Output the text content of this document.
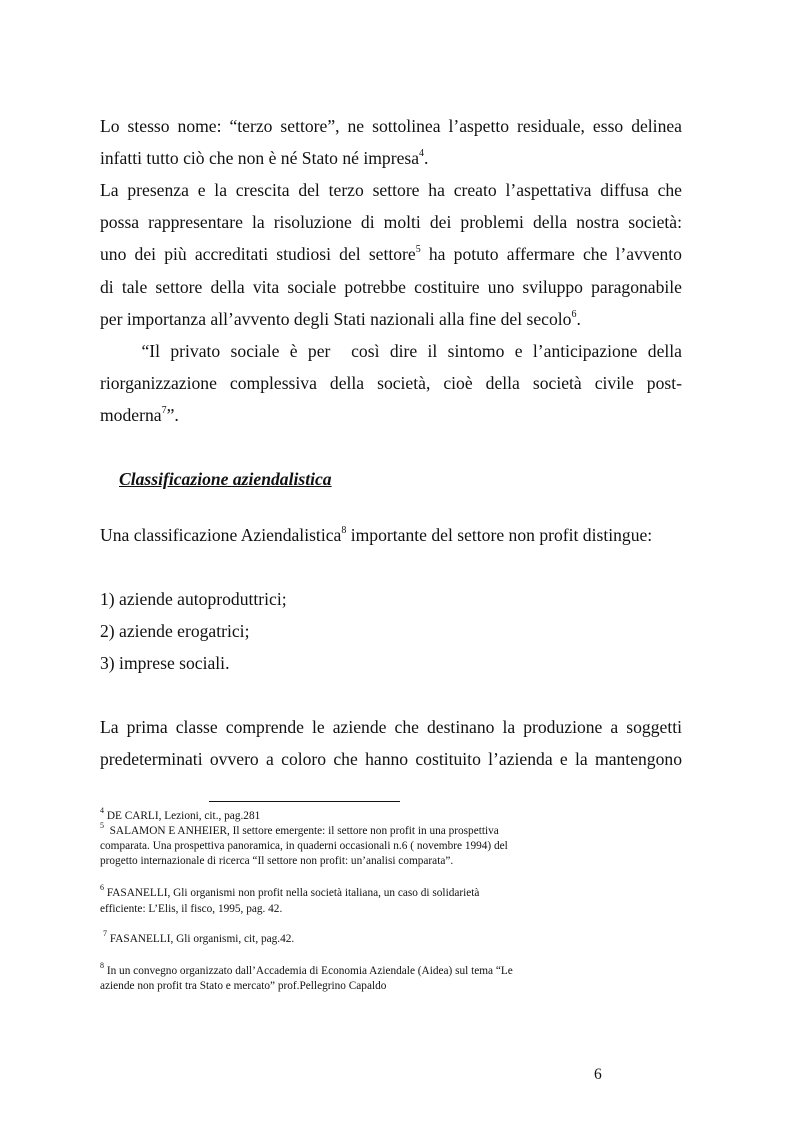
Lo stesso nome: “terzo settore”, ne sottolinea l’aspetto residuale, esso delinea
infatti tutto ciò che non è né Stato né impresa$^4$.
La presenza e la crescita del terzo settore ha creato l’aspettativa diffusa che
possa rappresentare la risoluzione di molti dei problemi della nostra società:
uno dei più accreditati studiosi del settore$^5$ ha potuto affermare che l’avvento
di tale settore della vita sociale potrebbe costituire uno sviluppo paragonabile
per importanza all’avvento degli Stati nazionali alla fine del secolo$^6$.
“Il privato sociale è per  così dire il sintomo e l’anticipazione della
riorganizzazione complessiva della società, cioè della società civile post-
moderna$^7$”.
Classificazione aziendalistica
Una classificazione Aziendalistica$^8$ importante del settore non profit distingue:
1) aziende autoproduttrici;
2) aziende erogatrici;
3) imprese sociali.
La prima classe comprende le aziende che destinano la produzione a soggetti
predeterminati ovvero a coloro che hanno costituito l’azienda e la mantengono
$^4$ DE CARLI, Lezioni, cit., pag.281
$^5$  SALAMON E ANHEIER, Il settore emergente: il settore non profit in una prospettiva
comparata. Una prospettiva panoramica, in quaderni occasionali n.6 ( novembre 1994) del
progetto internazionale di ricerca “Il settore non profit: un’analisi comparata”.
$^6$ FASANELLI, Gli organismi non profit nella società italiana, un caso di solidarietà
efficiente: L’Elis, il fisco, 1995, pag. 42.
$^7$ FASANELLI, Gli organismi, cit, pag.42.
$^8$ In un convegno organizzato dall’Accademia di Economia Aziendale (Aidea) sul tema “Le
aziende non profit tra Stato e mercato” prof.Pellegrino Capaldo
6
